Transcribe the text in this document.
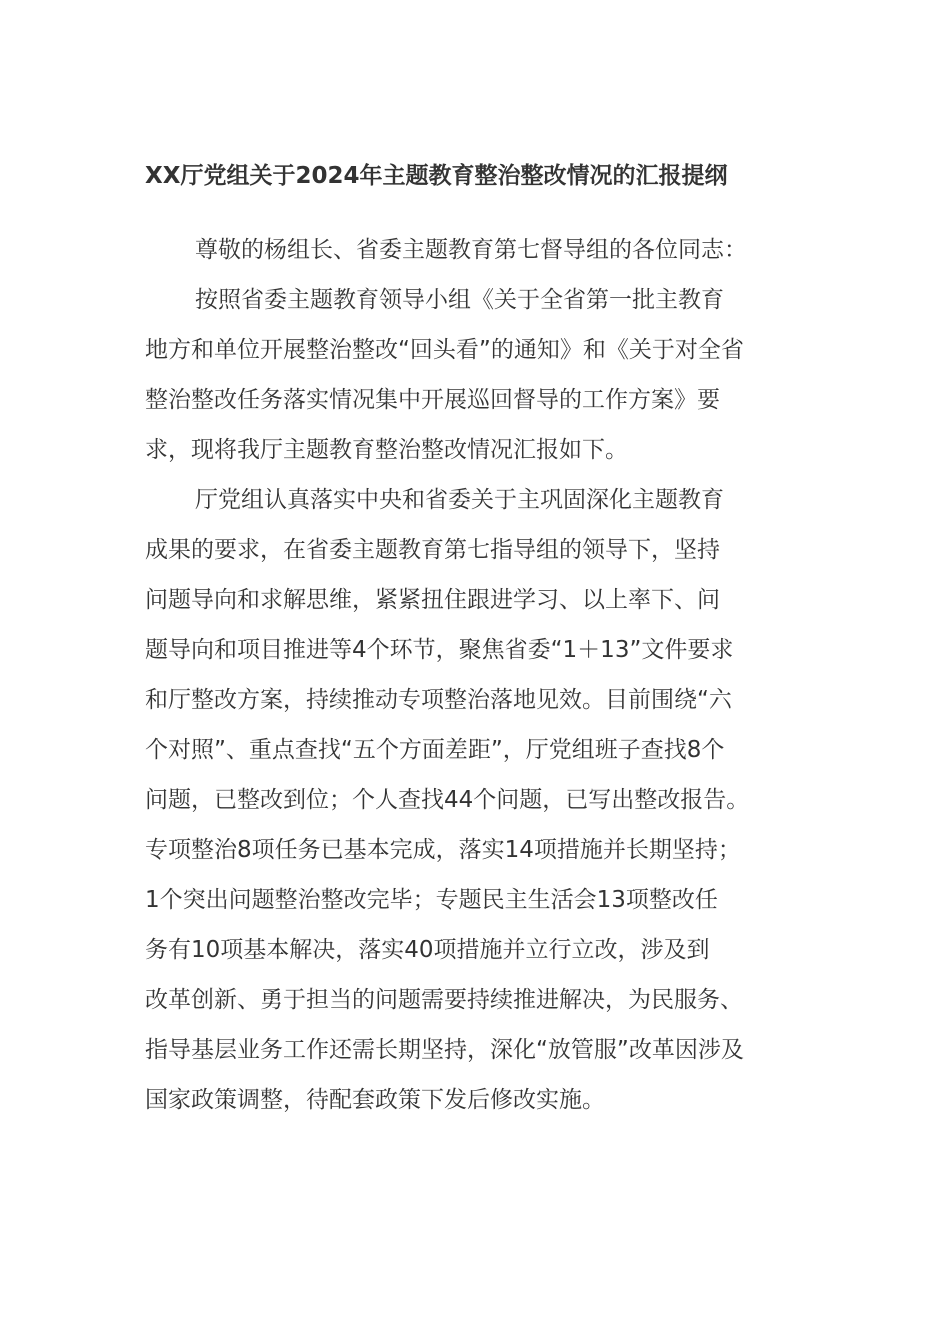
XX厅党组关于2024年主题教育整治整改情况的汇报提纲
尊敬的杨组长、省委主题教育第七督导组的各位同志：
按照省委主题教育领导小组《关于全省第一批主教育
地方和单位开展整治整改“回头看”的通知》和《关于对全省
整治整改任务落实情况集中开展巡回督导的工作方案》要
求，现将我厅主题教育整治整改情况汇报如下。
厅党组认真落实中央和省委关于主巩固深化主题教育
成果的要求，在省委主题教育第七指导组的领导下，坚持
问题导向和求解思维，紧紧扭住跟进学习、以上率下、问
题导向和项目推进等4个环节，聚焦省委“1＋13”文件要求
和厅整改方案，持续推动专项整治落地见效。目前围绕“六
个对照”、重点查找“五个方面差距”，厅党组班子查找8个
问题，已整改到位；个人查找44个问题，已写出整改报告。
专项整治8项任务已基本完成，落实14项措施并长期坚持；
1个突出问题整治整改完毕；专题民主生活会13项整改任
务有10项基本解决，落实40项措施并立行立改，涉及到
改革创新、勇于担当的问题需要持续推进解决，为民服务、
指导基层业务工作还需长期坚持，深化“放管服”改革因涉及
国家政策调整，待配套政策下发后修改实施。
